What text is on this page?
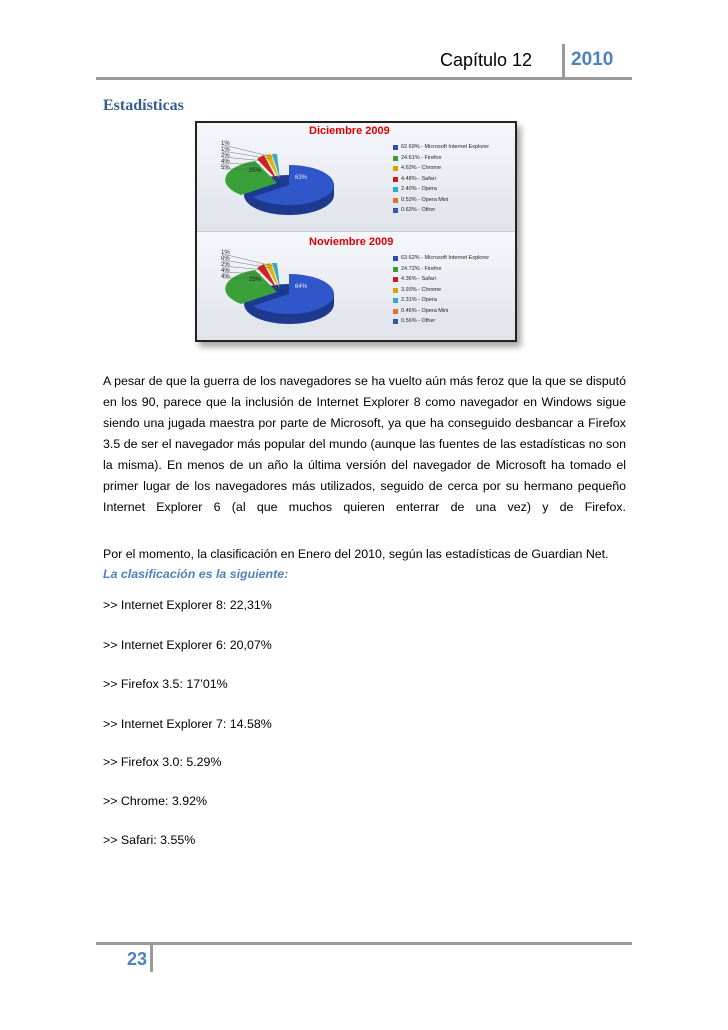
Capítulo 12 2010
Estadísticas
Diciembre 2009
1%
1%
2%
4%
5%	25%
63%
62.69% - Microsoft Internet Explorer
24.61% - Firefox
4.63% - Chrome
4.48% - Safari
2.40% - Opera
0.53% - Opera Mini
0.63% - Other
Noviembre 2009
1%
0%
2%
4%
4%	25%
64%
63.62% - Microsoft Internet Explorer
24.72% - Firefox
4.36% - Safari
3.93% - Chrome
2.31% - Opera
0.46% - Opera Mini
0.56% - Other
A pesar de que la guerra de los navegadores se ha vuelto aún más feroz que la que se disputó en los 90, parece que la inclusión de Internet Explorer 8 como navegador en Windows sigue siendo una jugada maestra por parte de Microsoft, ya que ha conseguido desbancar a Firefox 3.5 de ser el navegador más popular del mundo (aunque las fuentes de las estadísticas no son la misma). En menos de un año la última versión del navegador de Microsoft ha tomado el primer lugar de los navegadores más utilizados, seguido de cerca por su hermano pequeño Internet Explorer 6 (al que muchos quieren enterrar de una vez) y de Firefox.
Por el momento, la clasificación en Enero del 2010, según las estadísticas de Guardian Net.
La clasificación es la siguiente:
>> Internet Explorer 8: 22,31%
>> Internet Explorer 6: 20,07%
>> Firefox 3.5: 17’01%
>> Internet Explorer 7: 14.58%
>> Firefox 3.0: 5.29%
>> Chrome: 3.92%
>> Safari: 3.55%
23
